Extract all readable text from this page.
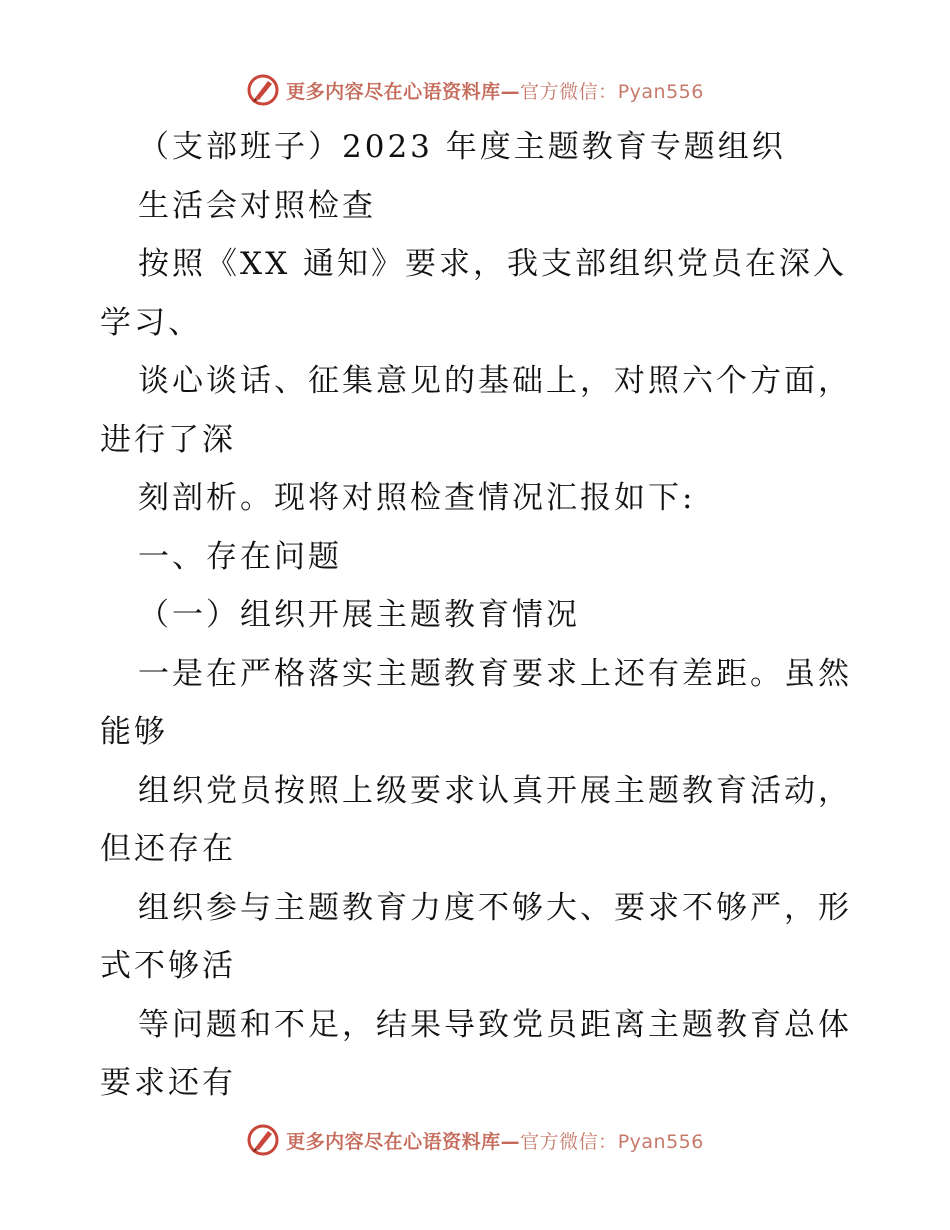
更多内容尽在心语资料库—官方微信：Pyan556
（支部班子）2023 年度主题教育专题组织
生活会对照检查
按照《XX 通知》要求，我支部组织党员在深入
学习、
谈心谈话、征集意见的基础上，对照六个方面，
进行了深
刻剖析。现将对照检查情况汇报如下:
一、存在问题
（一）组织开展主题教育情况
一是在严格落实主题教育要求上还有差距。虽然
能够
组织党员按照上级要求认真开展主题教育活动，
但还存在
组织参与主题教育力度不够大、要求不够严，形
式不够活
等问题和不足，结果导致党员距离主题教育总体
要求还有
更多内容尽在心语资料库—官方微信：Pyan556
